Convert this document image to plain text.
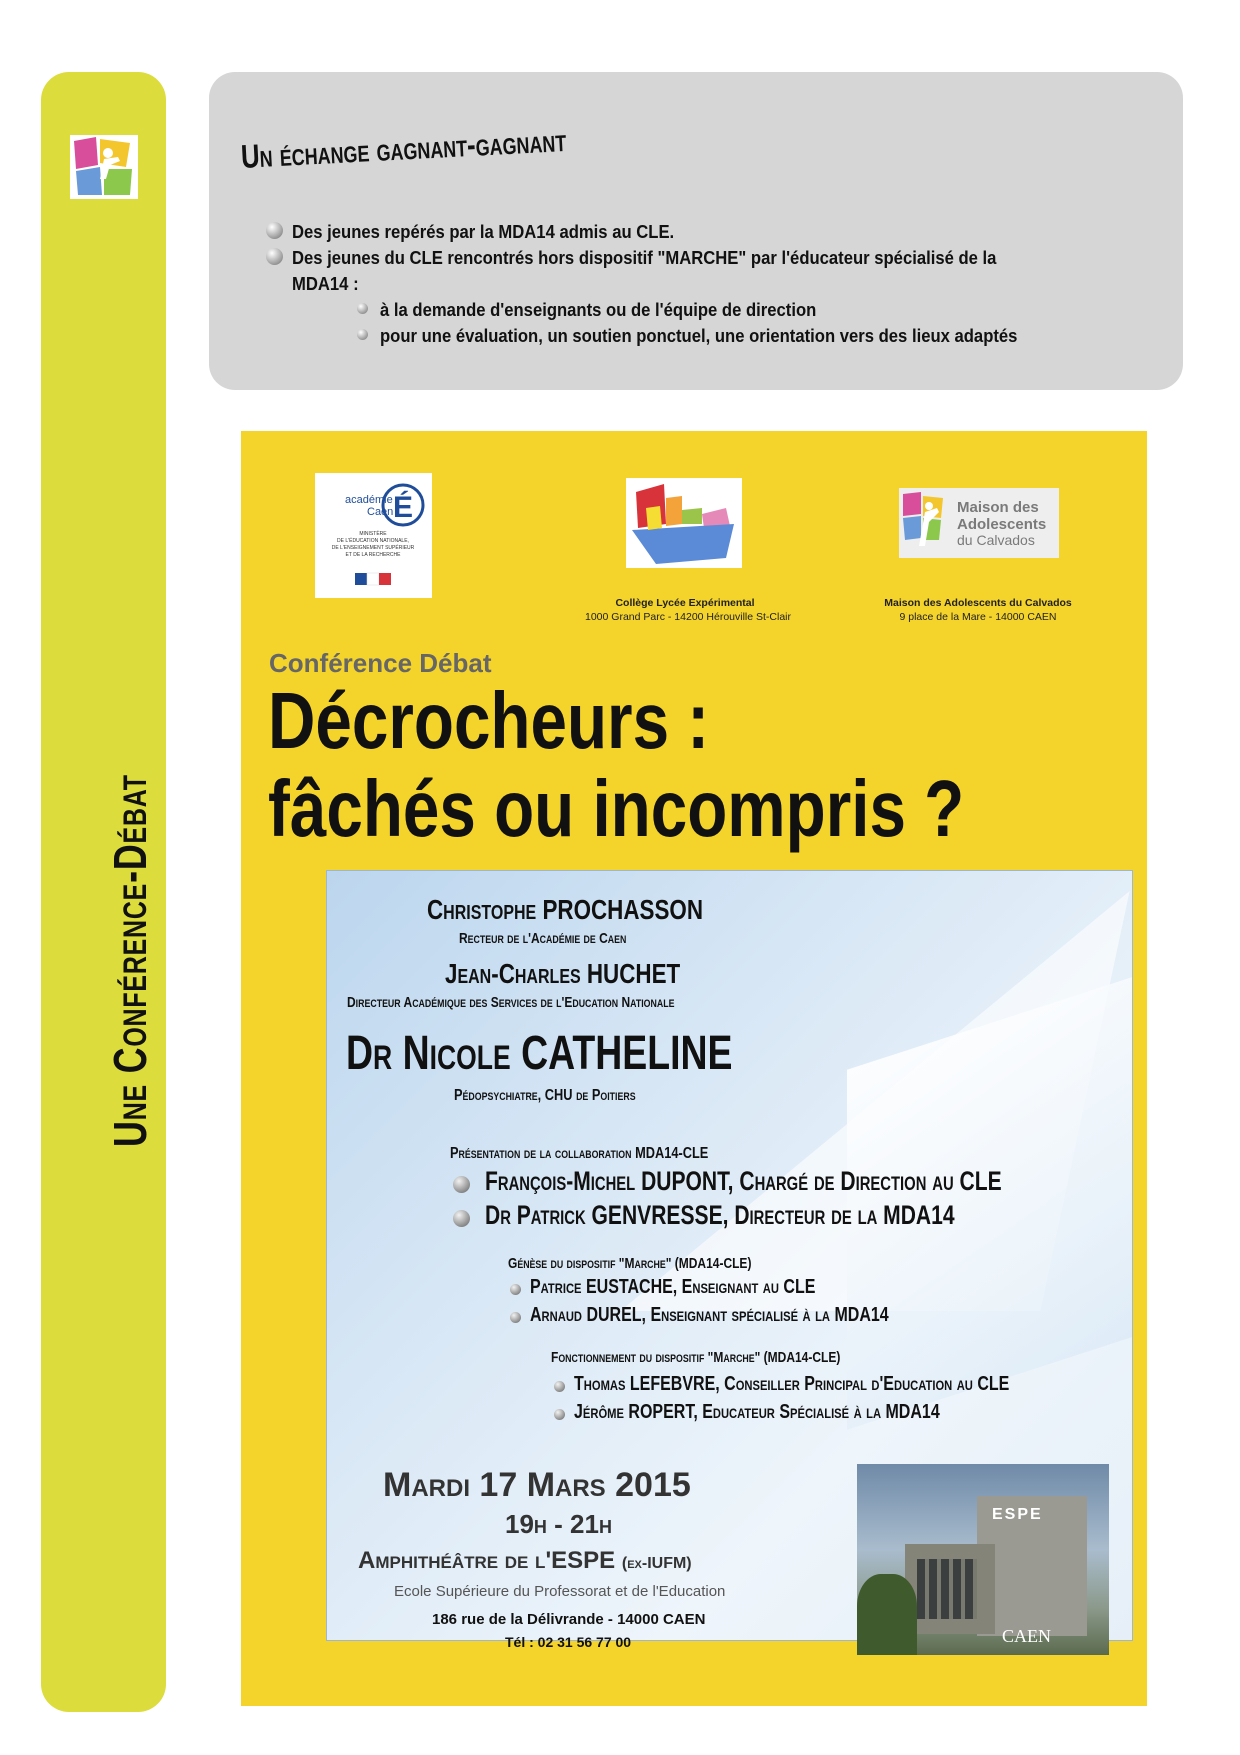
Une Conférence-Débat
Un échange gagnant-gagnant
Des jeunes repérés par la MDA14 admis au CLE.
Des jeunes du CLE rencontrés hors dispositif "MARCHE" par l'éducateur spécialisé de la
MDA14 :
à la demande d'enseignants ou de l'équipe de direction
pour une évaluation, un soutien ponctuel, une orientation vers des lieux adaptés
académie
Caen É
MINISTÈRE
DE L'ÉDUCATION NATIONALE,
DE L'ENSEIGNEMENT SUPÉRIEUR
ET DE LA RECHERCHE
Collège Lycée Expérimental
1000 Grand Parc - 14200 Hérouville St-Clair
Maison des
Adolescents
du Calvados
Maison des Adolescents du Calvados
9 place de la Mare - 14000 CAEN
Conférence Débat
Décrocheurs :
fâchés ou incompris ?
Christophe PROCHASSON
Recteur de l'Académie de Caen
Jean-Charles HUCHET
Directeur Académique des Services de l'Education Nationale
Dr Nicole CATHELINE
Pédopsychiatre, CHU de Poitiers
Présentation de la collaboration MDA14-CLE
François-Michel DUPONT, Chargé de Direction au CLE
Dr Patrick GENVRESSE, Directeur de la MDA14
Génèse du dispositif "Marche" (MDA14-CLE)
Patrice EUSTACHE, Enseignant au CLE
Arnaud DUREL, Enseignant spécialisé à la MDA14
Fonctionnement du dispositif "Marche" (MDA14-CLE)
Thomas LEFEBVRE, Conseiller Principal d'Education au CLE
Jérôme ROPERT, Educateur Spécialisé à la MDA14
Mardi 17 Mars 2015
19h - 21h
Amphithéâtre de l'ESPE (ex-IUFM)
Ecole Supérieure du Professorat et de l'Education
186 rue de la Délivrande - 14000 CAEN
Tél : 02 31 56 77 00
ESPE
CAEN
